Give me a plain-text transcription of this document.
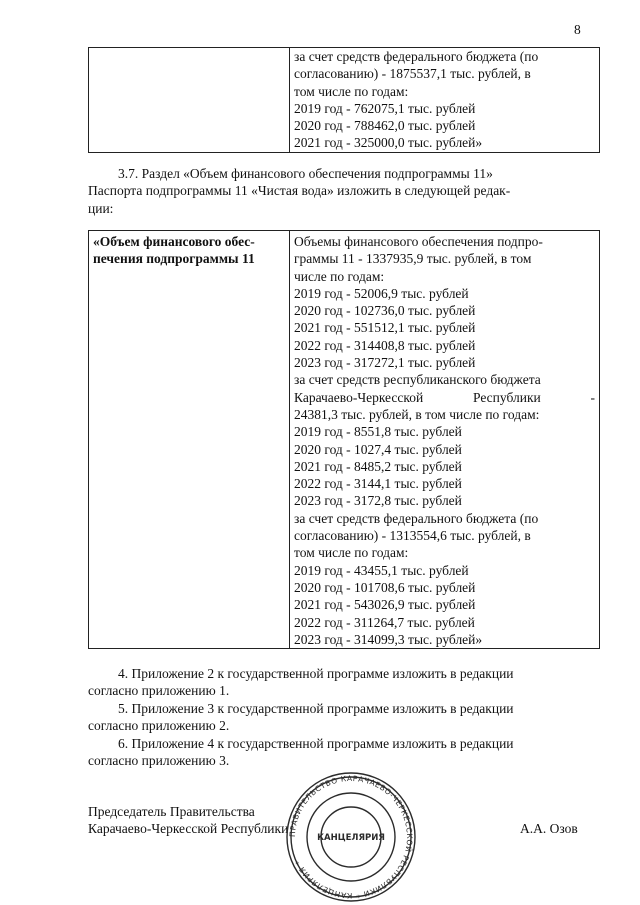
8

за счет средств федерального бюджета (по
согласованию) - 1875537,1 тыс. рублей, в
том числе по годам:
2019 год - 762075,1 тыс. рублей
2020 год - 788462,0 тыс. рублей
2021 год - 325000,0 тыс. рублей»
3.7. Раздел «Объем финансового обеспечения подпрограммы 11»
Паспорта подпрограммы 11 «Чистая вода» изложить в следующей редак-
ции:
«Объем финансового обес-
печения подпрограммы 11

Объемы финансового обеспечения подпро-
граммы 11 - 1337935,9 тыс. рублей, в том
числе по годам:
2019 год - 52006,9 тыс. рублей
2020 год - 102736,0 тыс. рублей
2021 год - 551512,1 тыс. рублей
2022 год - 314408,8 тыс. рублей
2023 год - 317272,1 тыс. рублей
за счет средств республиканского бюджета
Карачаево-Черкесской	Республики	-
24381,3 тыс. рублей, в том числе по годам:
2019 год - 8551,8 тыс. рублей
2020 год - 1027,4 тыс. рублей
2021 год - 8485,2 тыс. рублей
2022 год - 3144,1 тыс. рублей
2023 год - 3172,8 тыс. рублей
за счет средств федерального бюджета (по
согласованию) - 1313554,6 тыс. рублей, в
том числе по годам:
2019 год - 43455,1 тыс. рублей
2020 год - 101708,6 тыс. рублей
2021 год - 543026,9 тыс. рублей
2022 год - 311264,7 тыс. рублей
2023 год - 314099,3 тыс. рублей»
4. Приложение 2 к государственной программе изложить в редакции
согласно приложению 1.
5. Приложение 3 к государственной программе изложить в редакции
согласно приложению 2.
6. Приложение 4 к государственной программе изложить в редакции
согласно приложению 3.
Председатель Правительства
Карачаево-Черкесской Республики	А.А. Озов
ПРАВИТЕЛЬСТВО КАРАЧАЕВО-ЧЕРКЕССКОЙ РЕСПУБЛИКИ * КАНЦЕЛЯРИЯ *
КАНЦЕЛЯРИЯ
